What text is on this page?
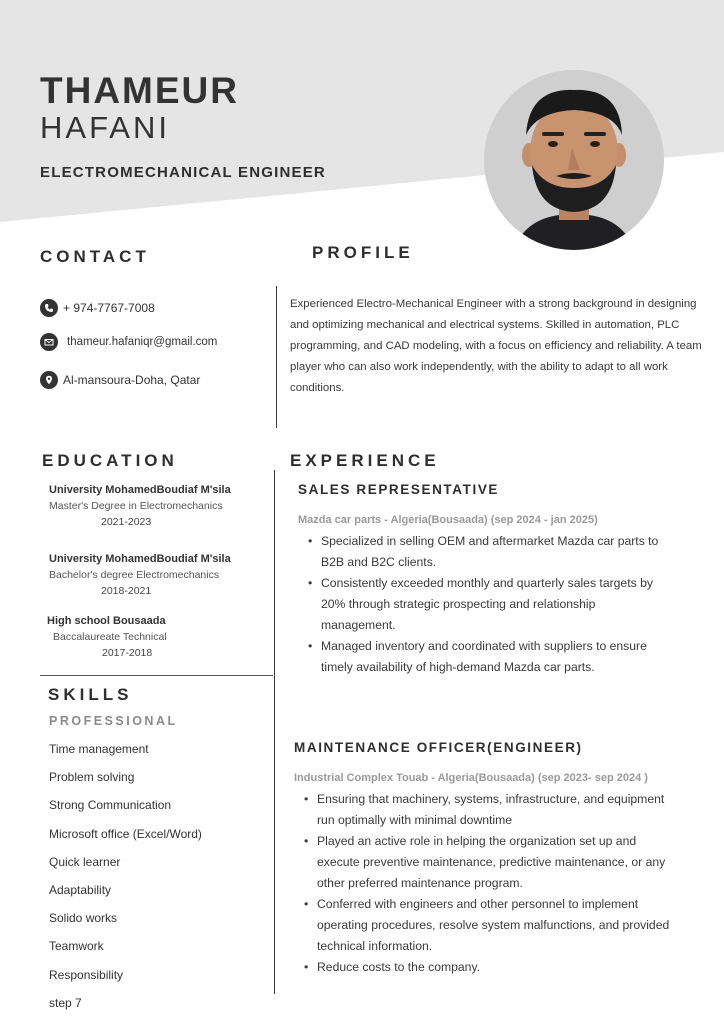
THAMEUR
HAFANI
ELECTROMECHANICAL ENGINEER
CONTACT	PROFILE
EDUCATION	EXPERIENCE
SKILLS
+ 974-7767-7008
thameur.hafaniqr@gmail.com
Al-mansoura-Doha, Qatar

Experienced Electro-Mechanical Engineer with a strong background in designing and optimizing mechanical and electrical systems. Skilled in automation, PLC programming, and CAD modeling, with a focus on efficiency and reliability. A team player who can also work independently, with the ability to adapt to all work conditions.

University MohamedBoudiaf M'sila
Master's Degree in Electromechanics
2021-2023
University MohamedBoudiaf M'sila
Bachelor's degree Electromechanics
2018-2021
High school Bousaada
Baccalaureate Technical
2017-2018
PROFESSIONAL
Time management
Problem solving
Strong Communication
Microsoft office (Excel/Word)
Quick learner
Adaptability
Solido works
Teamwork
Responsibility
step 7
SALES REPRESENTATIVE
Mazda car parts - Algeria(Bousaada) (sep 2024 - jan 2025)
• Specialized in selling OEM and aftermarket Mazda car parts to B2B and B2C clients.
• Consistently exceeded monthly and quarterly sales targets by 20% through strategic prospecting and relationship management.
• Managed inventory and coordinated with suppliers to ensure timely availability of high-demand Mazda car parts.
MAINTENANCE OFFICER(ENGINEER)
Industrial Complex Touab - Algeria(Bousaada) (sep 2023- sep 2024 )
• Ensuring that machinery, systems, infrastructure, and equipment run optimally with minimal downtime
• Played an active role in helping the organization set up and execute preventive maintenance, predictive maintenance, or any other preferred maintenance program.
• Conferred with engineers and other personnel to implement operating procedures, resolve system malfunctions, and provided technical information.
• Reduce costs to the company.
